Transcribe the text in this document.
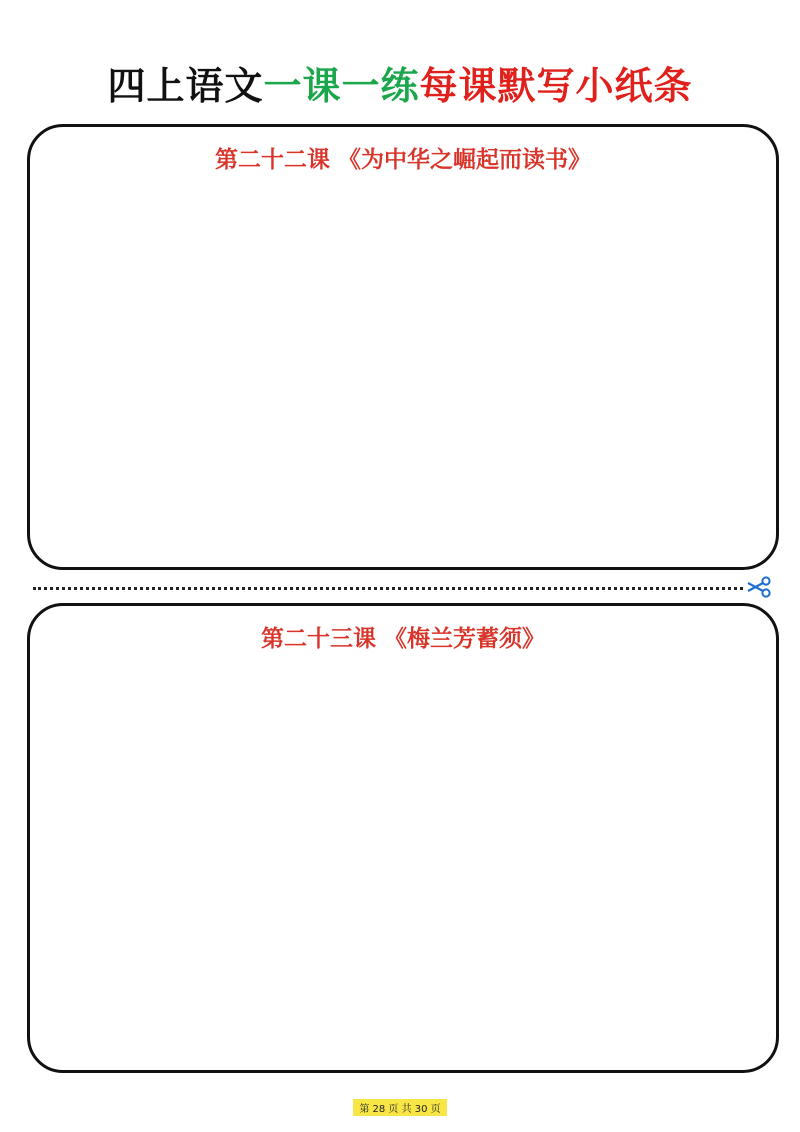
四上语文一课一练每课默写小纸条
第二十二课 《为中华之崛起而读书》
第二十三课 《梅兰芳蓄须》
第 28 页 共 30 页
